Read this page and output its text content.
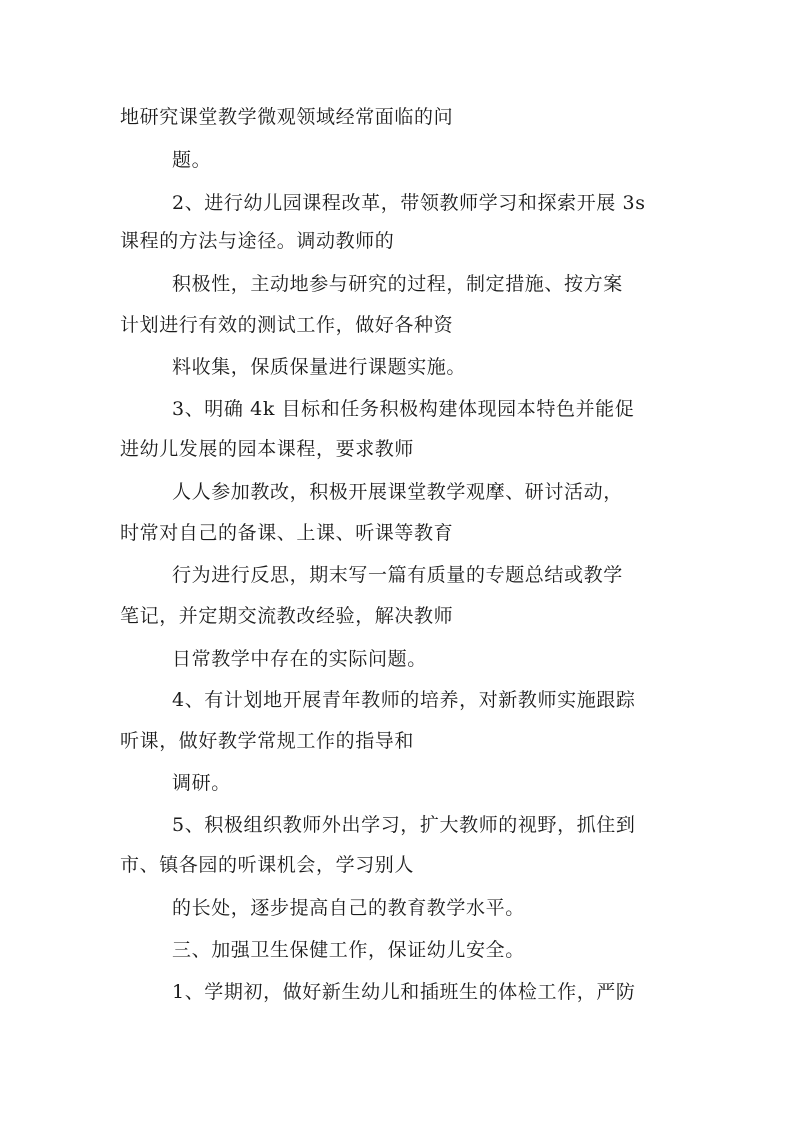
地研究课堂教学微观领域经常面临的问
题。
2、进行幼儿园课程改革，带领教师学习和探索开展 3s
课程的方法与途径。调动教师的
积极性，主动地参与研究的过程，制定措施、按方案
计划进行有效的测试工作，做好各种资
料收集，保质保量进行课题实施。
3、明确 4k 目标和任务积极构建体现园本特色并能促
进幼儿发展的园本课程，要求教师
人人参加教改，积极开展课堂教学观摩、研讨活动，
时常对自己的备课、上课、听课等教育
行为进行反思，期末写一篇有质量的专题总结或教学
笔记，并定期交流教改经验，解决教师
日常教学中存在的实际问题。
4、有计划地开展青年教师的培养，对新教师实施跟踪
听课，做好教学常规工作的指导和
调研。
5、积极组织教师外出学习，扩大教师的视野，抓住到
市、镇各园的听课机会，学习别人
的长处，逐步提高自己的教育教学水平。
三、加强卫生保健工作，保证幼儿安全。
1、学期初，做好新生幼儿和插班生的体检工作，严防
